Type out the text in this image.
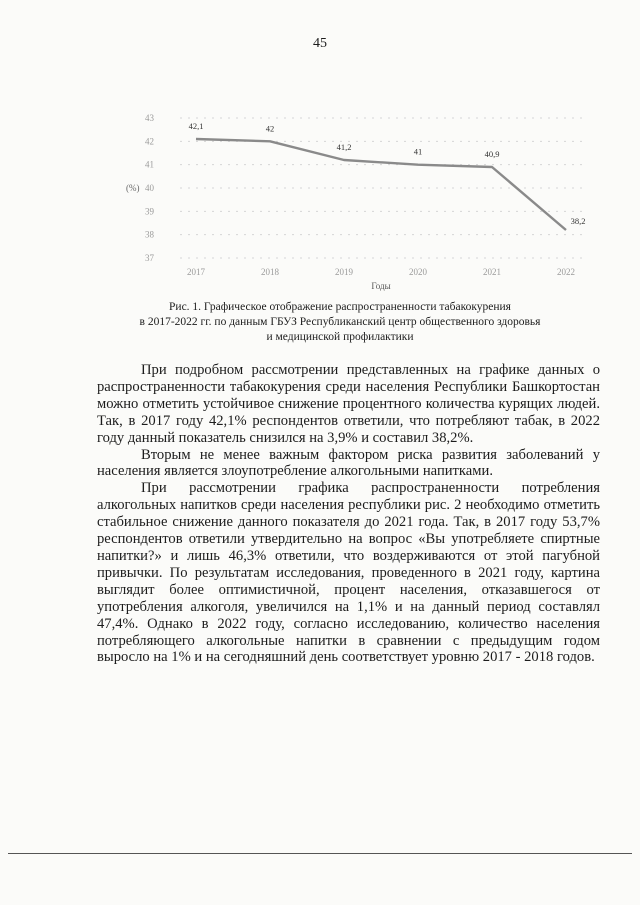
45
43
42
41
40
39
38
37
(%)
2017	2018	2019	2020	2021	2022
Годы
42,1	42
41,2	41	40,9
38,2
Рис. 1. Графическое отображение распространенности табакокурения
в 2017-2022 гг. по данным ГБУЗ Республиканский центр общественного здоровья
и медицинской профилактики

При подробном рассмотрении представленных на графике данных о распространенности табакокурения среди населения Республики Башкортостан можно отметить устойчивое снижение процентного количества курящих людей. Так, в 2017 году 42,1% респондентов ответили, что потребляют табак, в 2022 году данный показатель снизился на 3,9% и составил 38,2%.

Вторым не менее важным фактором риска развития заболеваний у населения является злоупотребление алкогольными напитками.

При рассмотрении графика распространенности потребления алкогольных напитков среди населения республики рис. 2 необходимо отметить стабильное снижение данного показателя до 2021 года. Так, в 2017 году 53,7% респондентов ответили утвердительно на вопрос «Вы употребляете спиртные напитки?» и лишь 46,3% ответили, что воздерживаются от этой пагубной привычки. По результатам исследования, проведенного в 2021 году, картина выглядит более оптимистичной, процент населения, отказавшегося от употребления алкоголя, увеличился на 1,1% и на данный период составлял 47,4%. Однако в 2022 году, согласно исследованию, количество населения потребляющего алкогольные напитки в сравнении с предыдущим годом выросло на 1% и на сегодняшний день соответствует уровню 2017 - 2018 годов.
